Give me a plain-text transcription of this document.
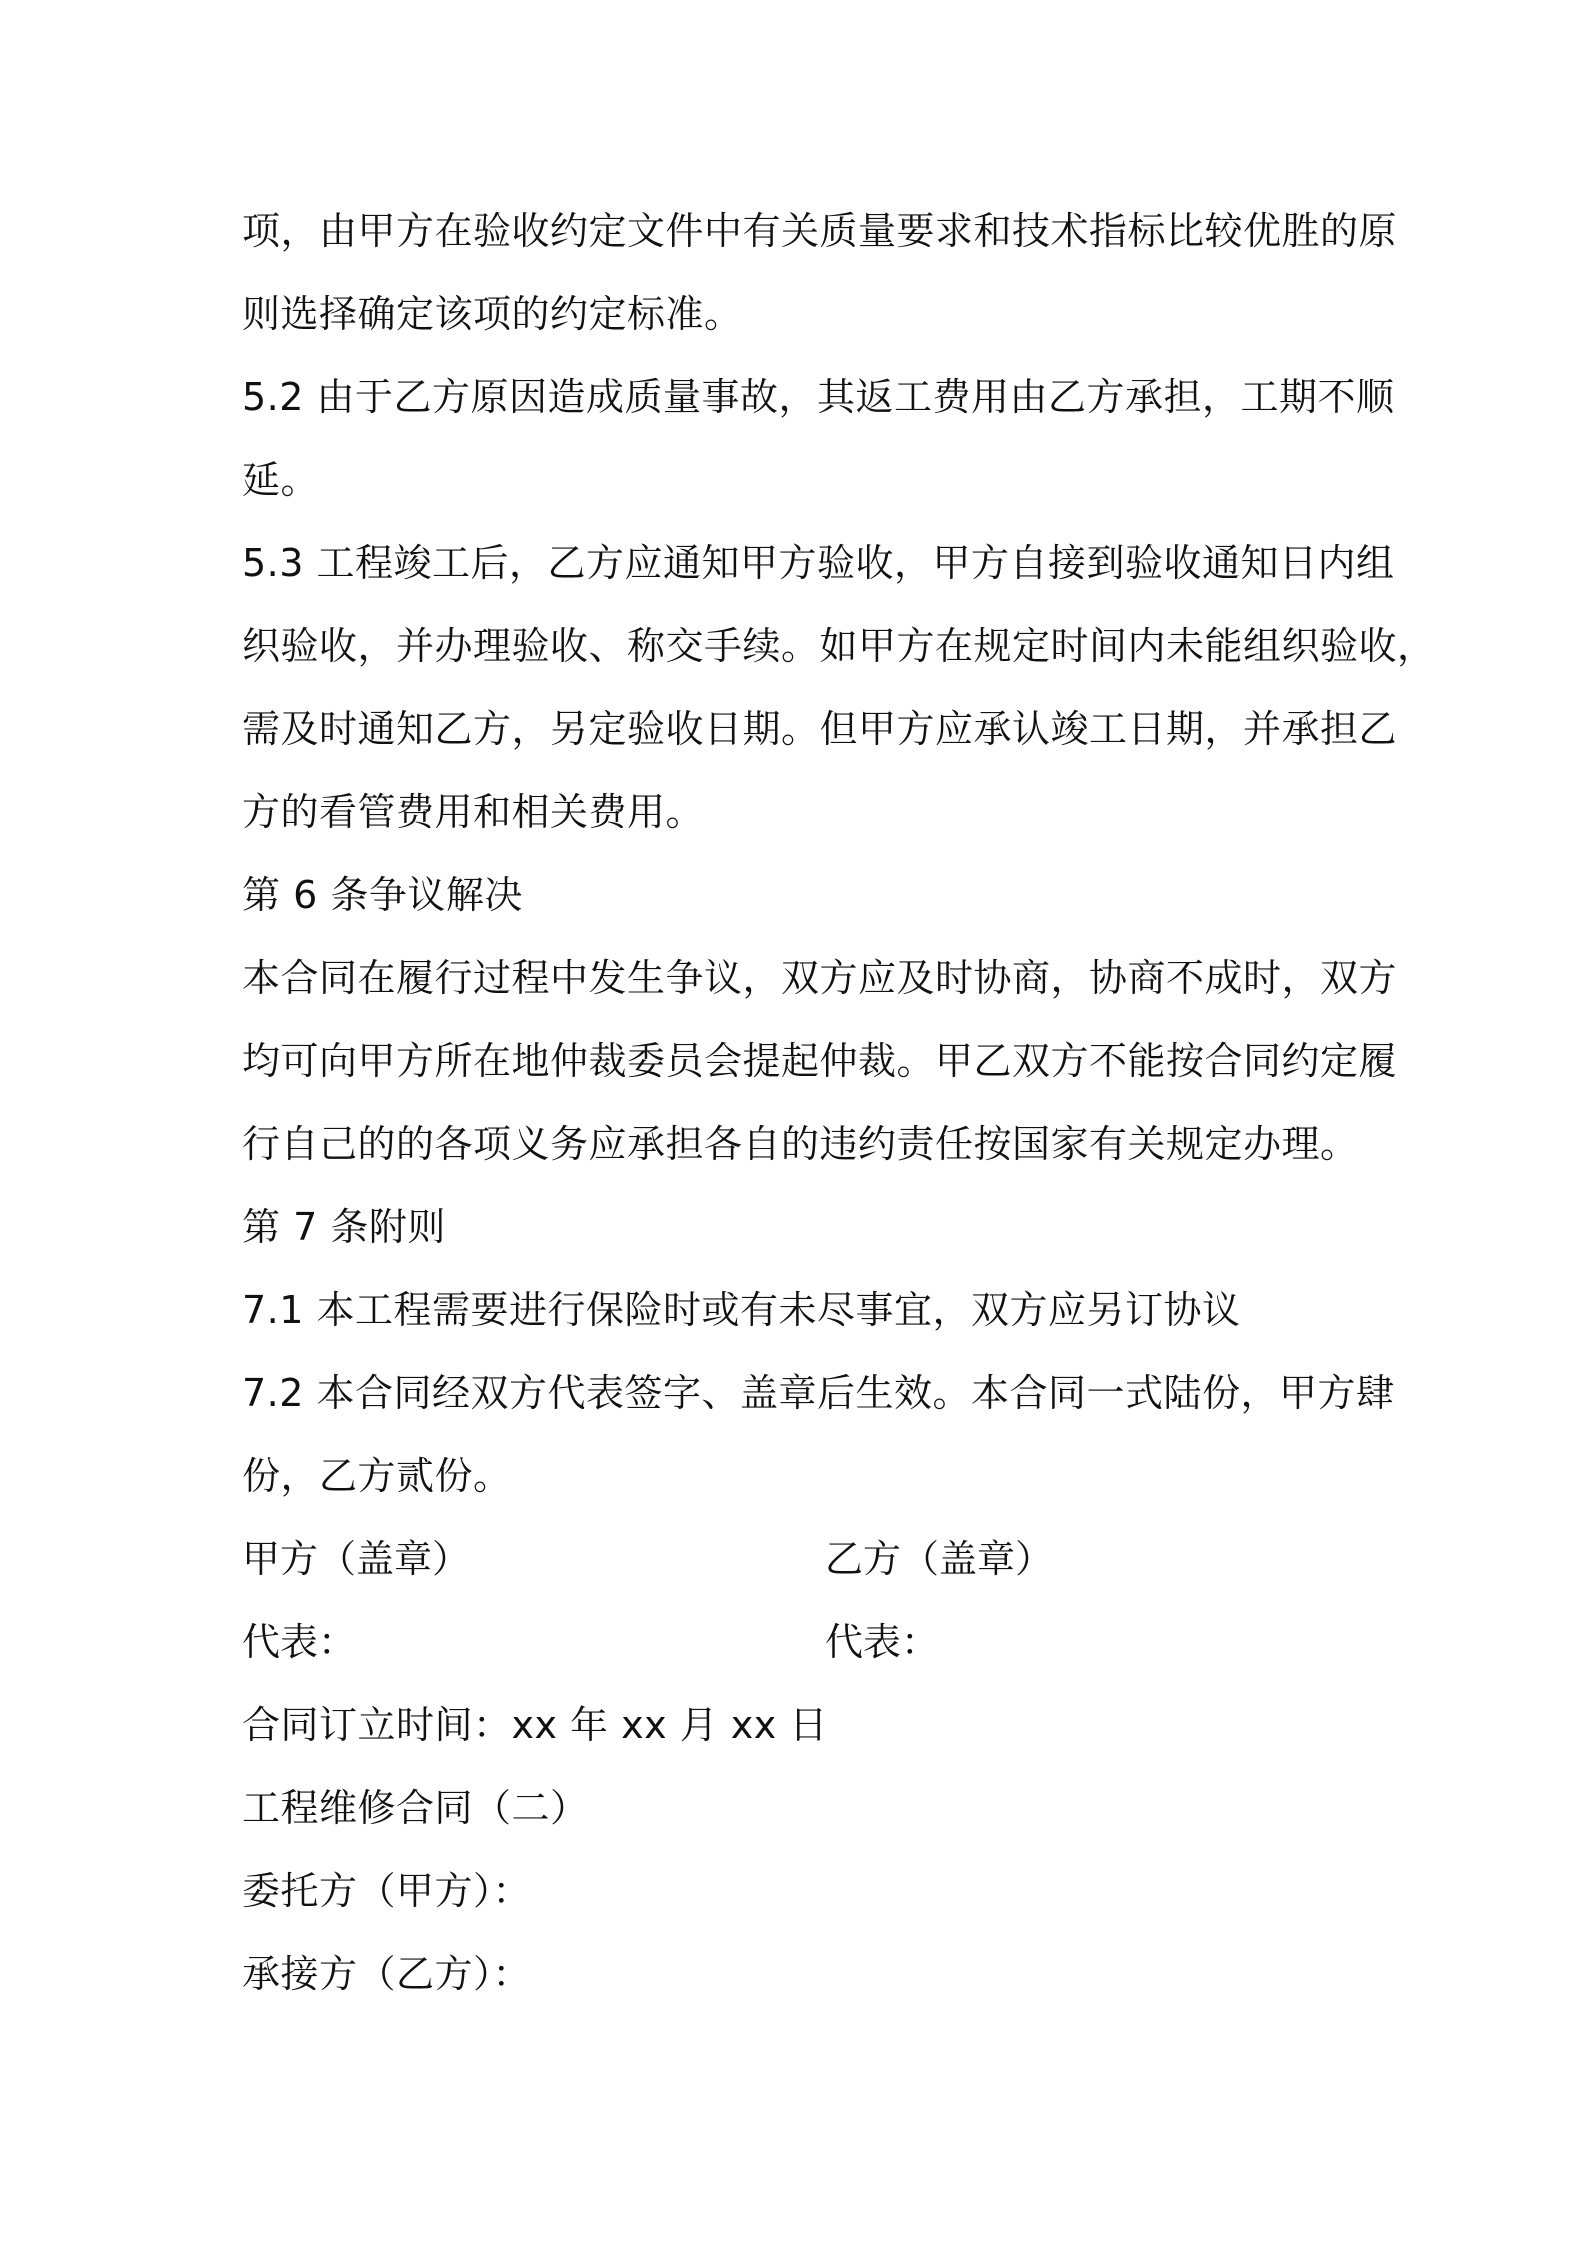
项，由甲方在验收约定文件中有关质量要求和技术指标比较优胜的原
则选择确定该项的约定标准。
5.2 由于乙方原因造成质量事故，其返工费用由乙方承担，工期不顺
延。
5.3 工程竣工后，乙方应通知甲方验收，甲方自接到验收通知日内组
织验收，并办理验收、称交手续。如甲方在规定时间内未能组织验收，
需及时通知乙方，另定验收日期。但甲方应承认竣工日期，并承担乙
方的看管费用和相关费用。
第 6 条争议解决
本合同在履行过程中发生争议，双方应及时协商，协商不成时，双方
均可向甲方所在地仲裁委员会提起仲裁。甲乙双方不能按合同约定履
行自己的的各项义务应承担各自的违约责任按国家有关规定办理。
第 7 条附则
7.1 本工程需要进行保险时或有未尽事宜，双方应另订协议
7.2 本合同经双方代表签字、盖章后生效。本合同一式陆份，甲方肆
份，乙方贰份。
甲方（盖章）	乙方（盖章）
代表：	代表：
合同订立时间：xx 年 xx 月 xx 日
工程维修合同（二）
委托方（甲方）：
承接方（乙方）：
